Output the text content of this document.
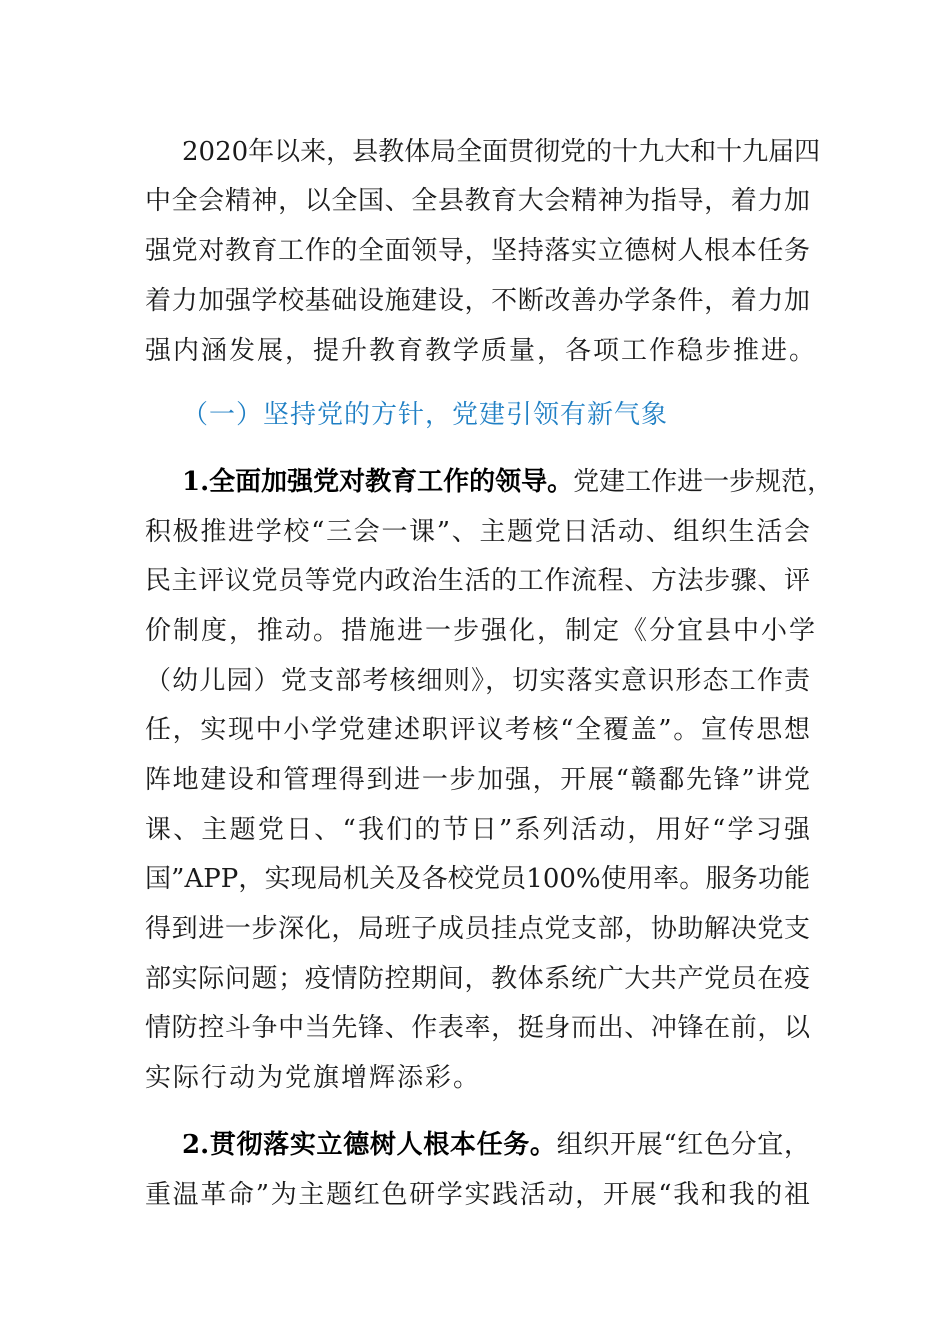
2020年以来，县教体局全面贯彻党的十九大和十九届四
中全会精神，以全国、全县教育大会精神为指导，着力加
强党对教育工作的全面领导，坚持落实立德树人根本任务
着力加强学校基础设施建设，不断改善办学条件，着力加
强内涵发展，提升教育教学质量，各项工作稳步推进。
（一）坚持党的方针，党建引领有新气象
1.全面加强党对教育工作的领导。党建工作进一步规范，
积极推进学校“三会一课”、主题党日活动、组织生活会
民主评议党员等党内政治生活的工作流程、方法步骤、评
价制度，推动。措施进一步强化，制定《分宜县中小学
（幼儿园）党支部考核细则》，切实落实意识形态工作责
任，实现中小学党建述职评议考核“全覆盖”。宣传思想
阵地建设和管理得到进一步加强，开展“赣鄱先锋”讲党
课、主题党日、“我们的节日”系列活动，用好“学习强
国”APP，实现局机关及各校党员100%使用率。服务功能
得到进一步深化，局班子成员挂点党支部，协助解决党支
部实际问题；疫情防控期间，教体系统广大共产党员在疫
情防控斗争中当先锋、作表率，挺身而出、冲锋在前，以
实际行动为党旗增辉添彩。
2.贯彻落实立德树人根本任务。组织开展“红色分宜，
重温革命”为主题红色研学实践活动，开展“我和我的祖
